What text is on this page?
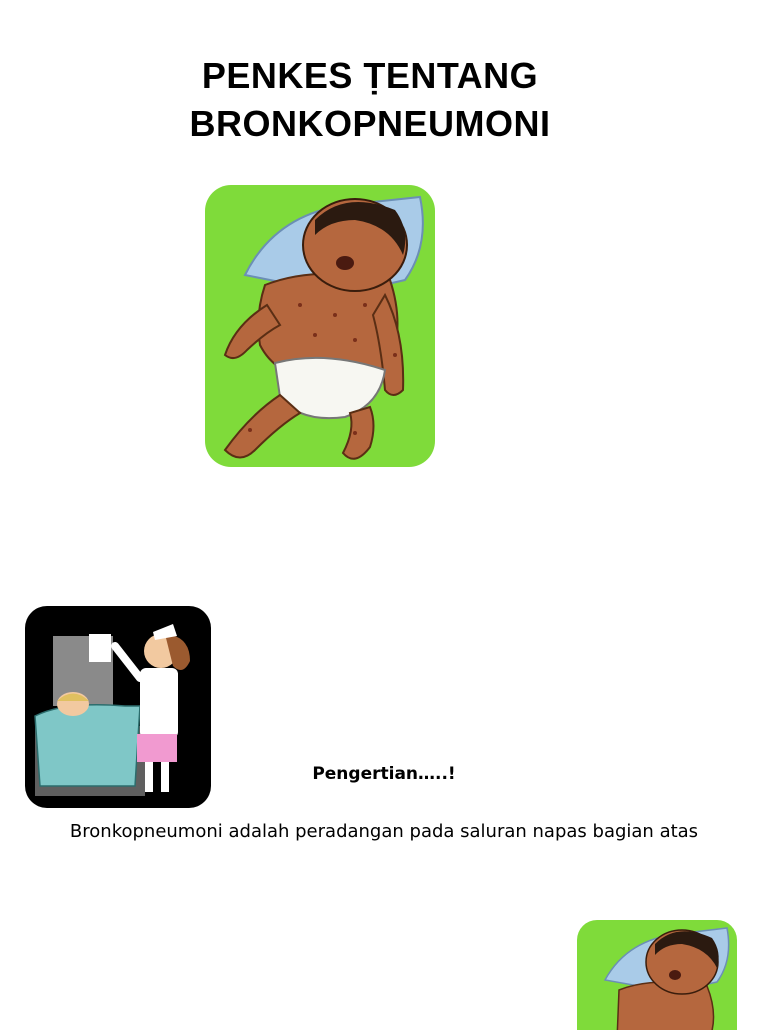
PENKES ṬENTANG
BRONKOPNEUMONI
Pengertian…..!
Bronkopneumoni adalah peradangan pada saluran napas bagian atas
